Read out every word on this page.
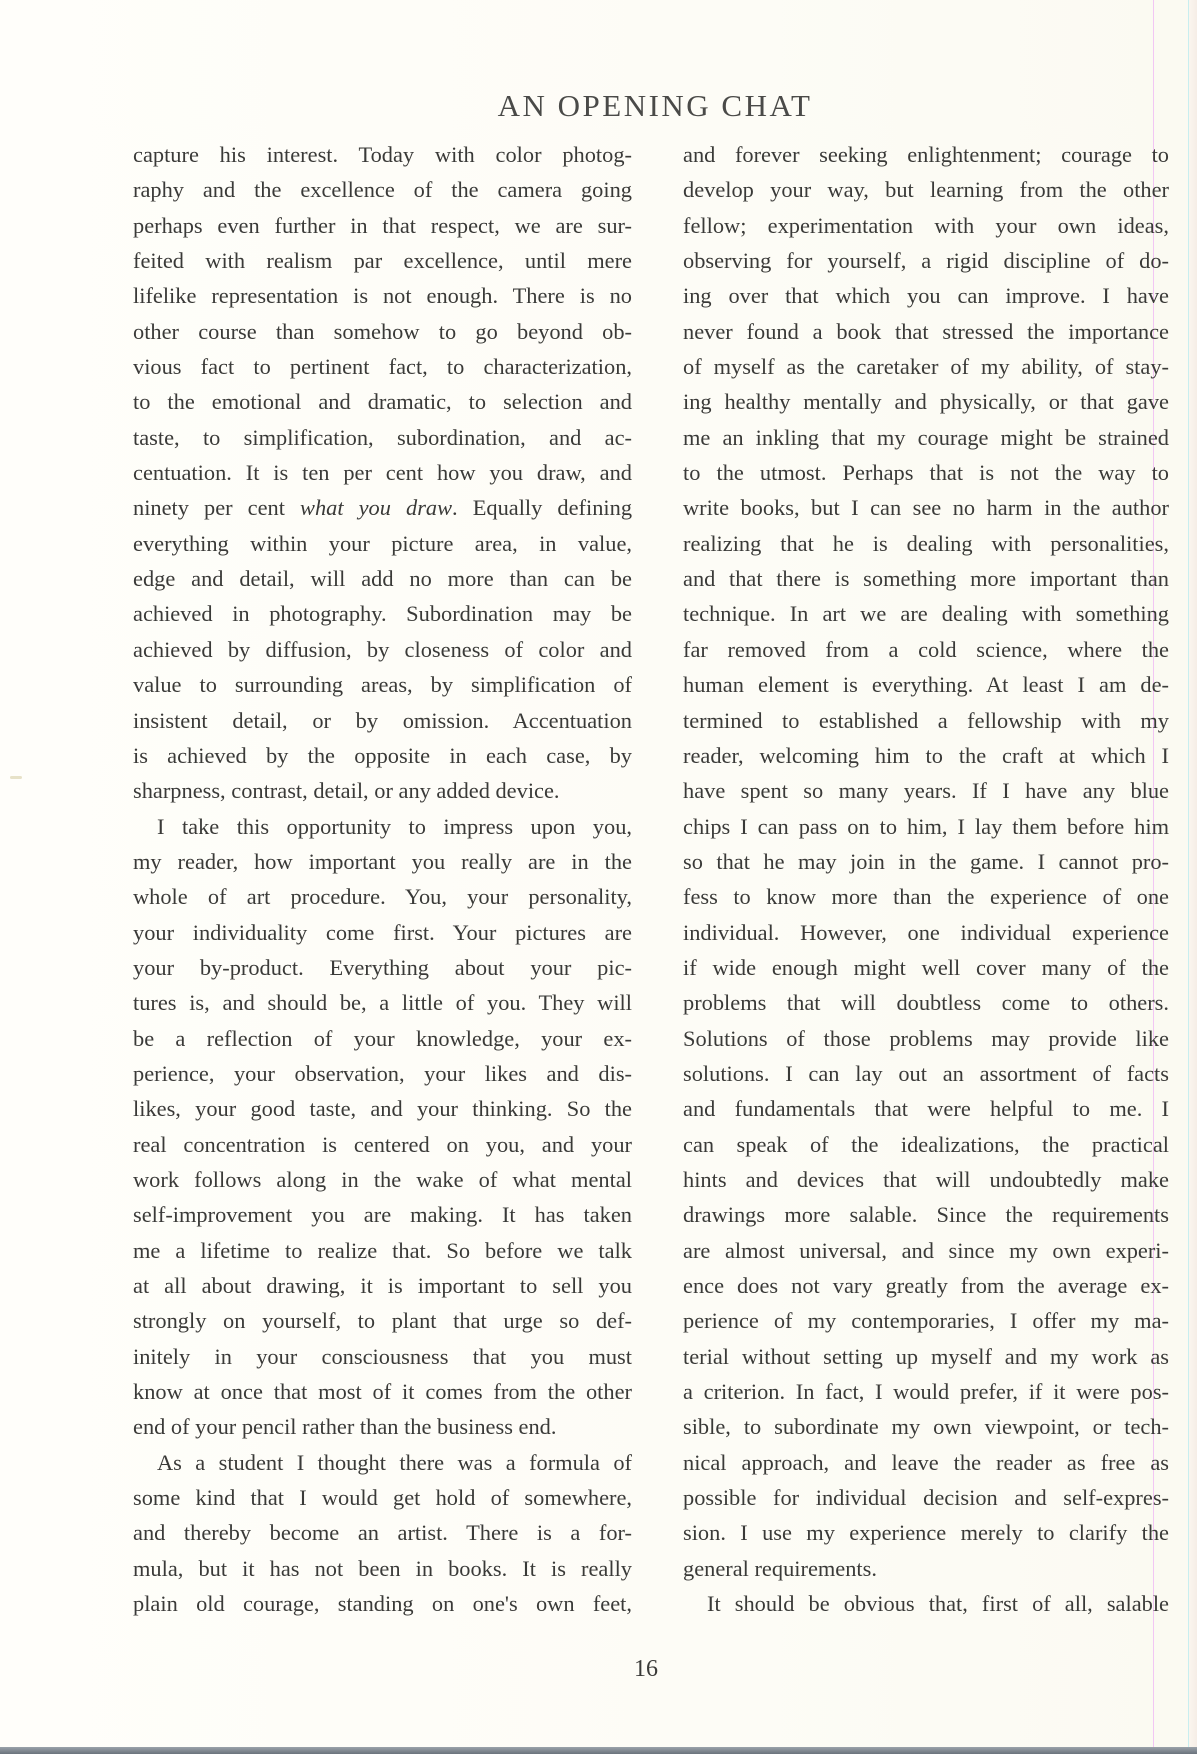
AN OPENING CHAT
capture his interest. Today with color photog-
raphy and the excellence of the camera going
perhaps even further in that respect, we are sur-
feited with realism par excellence, until mere
lifelike representation is not enough. There is no
other course than somehow to go beyond ob-
vious fact to pertinent fact, to characterization,
to the emotional and dramatic, to selection and
taste, to simplification, subordination, and ac-
centuation. It is ten per cent how you draw, and
ninety per cent what you draw. Equally defining
everything within your picture area, in value,
edge and detail, will add no more than can be
achieved in photography. Subordination may be
achieved by diffusion, by closeness of color and
value to surrounding areas, by simplification of
insistent detail, or by omission. Accentuation
is achieved by the opposite in each case, by
sharpness, contrast, detail, or any added device.
I take this opportunity to impress upon you,
my reader, how important you really are in the
whole of art procedure. You, your personality,
your individuality come first. Your pictures are
your by-product. Everything about your pic-
tures is, and should be, a little of you. They will
be a reflection of your knowledge, your ex-
perience, your observation, your likes and dis-
likes, your good taste, and your thinking. So the
real concentration is centered on you, and your
work follows along in the wake of what mental
self-improvement you are making. It has taken
me a lifetime to realize that. So before we talk
at all about drawing, it is important to sell you
strongly on yourself, to plant that urge so def-
initely in your consciousness that you must
know at once that most of it comes from the other
end of your pencil rather than the business end.
As a student I thought there was a formula of
some kind that I would get hold of somewhere,
and thereby become an artist. There is a for-
mula, but it has not been in books. It is really
plain old courage, standing on one's own feet,
and forever seeking enlightenment; courage to
develop your way, but learning from the other
fellow; experimentation with your own ideas,
observing for yourself, a rigid discipline of do-
ing over that which you can improve. I have
never found a book that stressed the importance
of myself as the caretaker of my ability, of stay-
ing healthy mentally and physically, or that gave
me an inkling that my courage might be strained
to the utmost. Perhaps that is not the way to
write books, but I can see no harm in the author
realizing that he is dealing with personalities,
and that there is something more important than
technique. In art we are dealing with something
far removed from a cold science, where the
human element is everything. At least I am de-
termined to established a fellowship with my
reader, welcoming him to the craft at which I
have spent so many years. If I have any blue
chips I can pass on to him, I lay them before him
so that he may join in the game. I cannot pro-
fess to know more than the experience of one
individual. However, one individual experience
if wide enough might well cover many of the
problems that will doubtless come to others.
Solutions of those problems may provide like
solutions. I can lay out an assortment of facts
and fundamentals that were helpful to me. I
can speak of the idealizations, the practical
hints and devices that will undoubtedly make
drawings more salable. Since the requirements
are almost universal, and since my own experi-
ence does not vary greatly from the average ex-
perience of my contemporaries, I offer my ma-
terial without setting up myself and my work as
a criterion. In fact, I would prefer, if it were pos-
sible, to subordinate my own viewpoint, or tech-
nical approach, and leave the reader as free as
possible for individual decision and self-expres-
sion. I use my experience merely to clarify the
general requirements.
It should be obvious that, first of all, salable
16
